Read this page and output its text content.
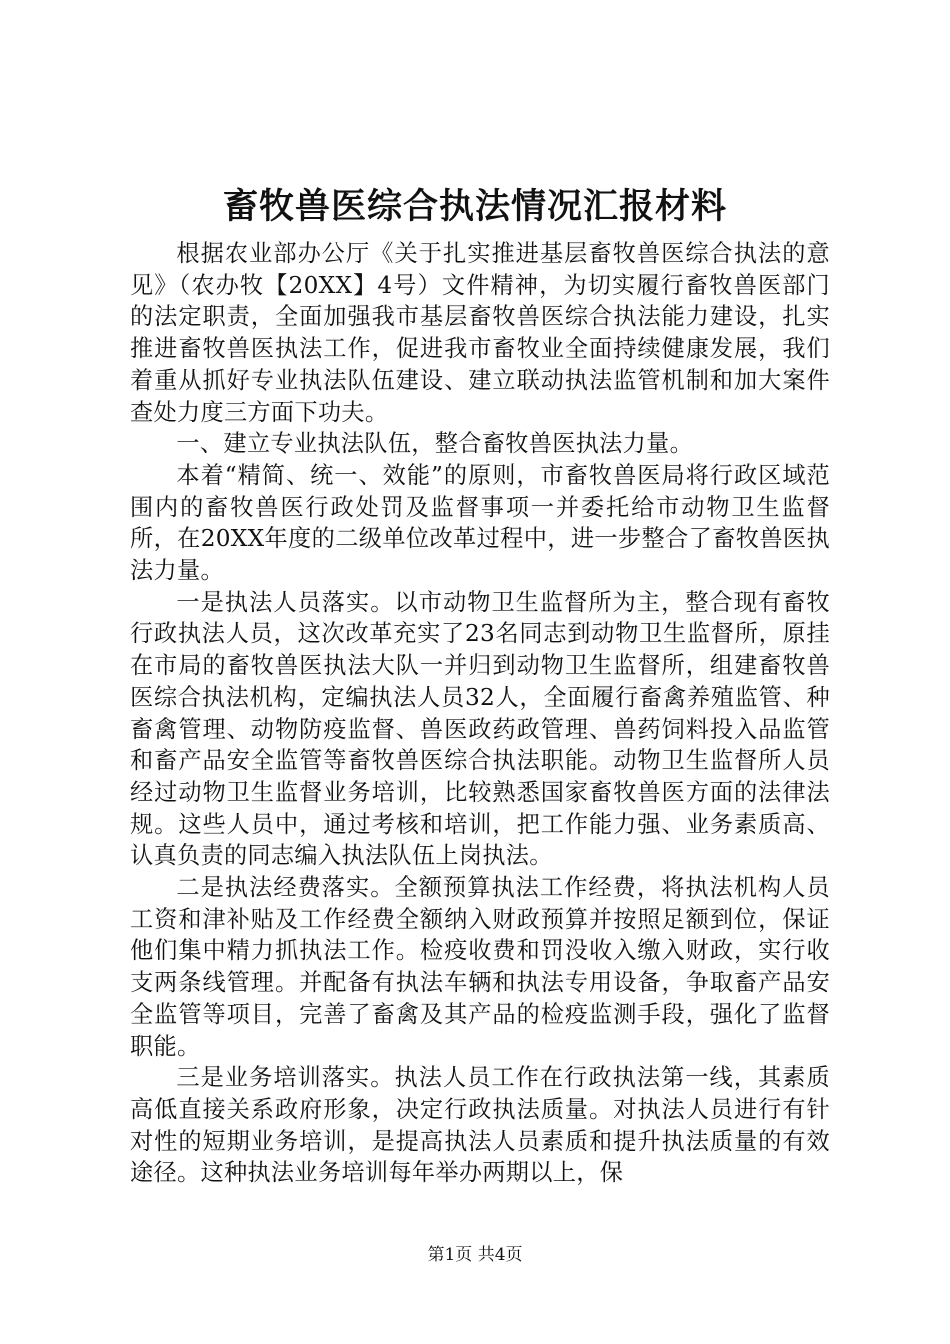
畜牧兽医综合执法情况汇报材料

根据农业部办公厅《关于扎实推进基层畜牧兽医综合执法的意见》（农办牧【20XX】4号）文件精神，为切实履行畜牧兽医部门的法定职责，全面加强我市基层畜牧兽医综合执法能力建设，扎实推进畜牧兽医执法工作，促进我市畜牧业全面持续健康发展，我们着重从抓好专业执法队伍建设、建立联动执法监管机制和加大案件查处力度三方面下功夫。

一、建立专业执法队伍，整合畜牧兽医执法力量。

本着“精简、统一、效能”的原则，市畜牧兽医局将行政区域范围内的畜牧兽医行政处罚及监督事项一并委托给市动物卫生监督所，在20XX年度的二级单位改革过程中，进一步整合了畜牧兽医执法力量。

一是执法人员落实。以市动物卫生监督所为主，整合现有畜牧行政执法人员，这次改革充实了23名同志到动物卫生监督所，原挂在市局的畜牧兽医执法大队一并归到动物卫生监督所，组建畜牧兽医综合执法机构，定编执法人员32人，全面履行畜禽养殖监管、种畜禽管理、动物防疫监督、兽医政药政管理、兽药饲料投入品监管和畜产品安全监管等畜牧兽医综合执法职能。动物卫生监督所人员经过动物卫生监督业务培训，比较熟悉国家畜牧兽医方面的法律法规。这些人员中，通过考核和培训，把工作能力强、业务素质高、认真负责的同志编入执法队伍上岗执法。

二是执法经费落实。全额预算执法工作经费，将执法机构人员工资和津补贴及工作经费全额纳入财政预算并按照足额到位，保证他们集中精力抓执法工作。检疫收费和罚没收入缴入财政，实行收支两条线管理。并配备有执法车辆和执法专用设备，争取畜产品安全监管等项目，完善了畜禽及其产品的检疫监测手段，强化了监督职能。

三是业务培训落实。执法人员工作在行政执法第一线，其素质高低直接关系政府形象，决定行政执法质量。对执法人员进行有针对性的短期业务培训，是提高执法人员素质和提升执法质量的有效途径。这种执法业务培训每年举办两期以上，保

第1页 共4页
